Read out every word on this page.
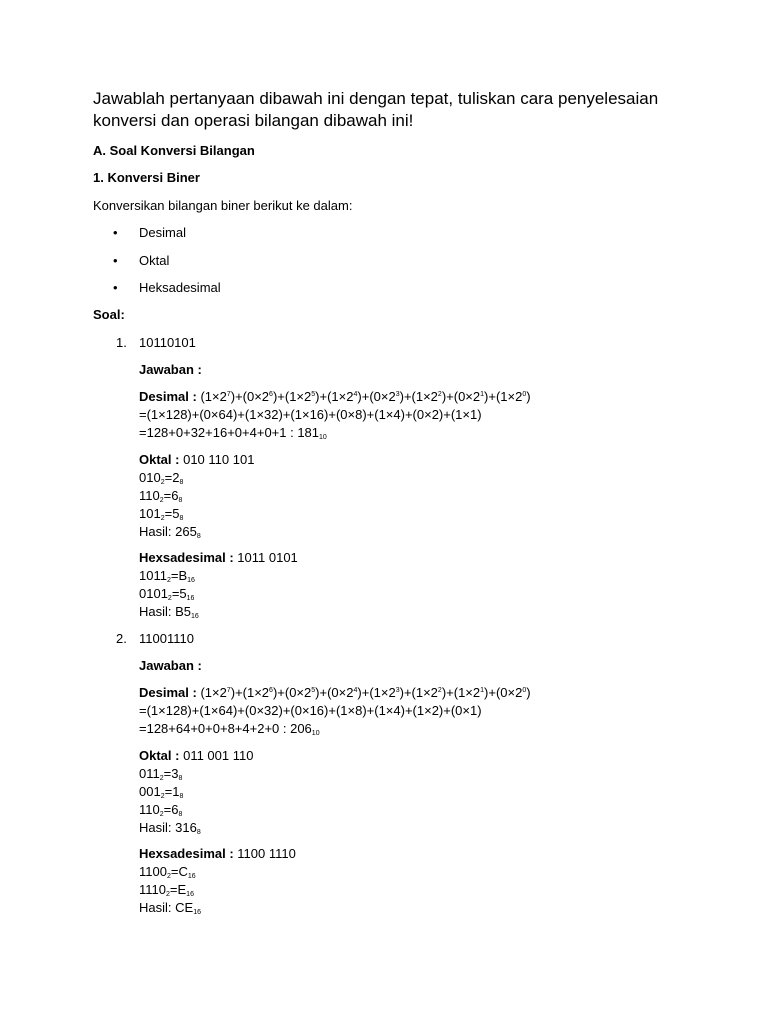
Jawablah pertanyaan dibawah ini dengan tepat, tuliskan cara penyelesaian konversi dan operasi bilangan dibawah ini!
A. Soal Konversi Bilangan
1. Konversi Biner
Konversikan bilangan biner berikut ke dalam:
• Desimal
• Oktal
• Heksadesimal
Soal:
1. 10110101
Jawaban :
Desimal : $(1\times 2^7)+(0\times 2^6)+(1\times 2^5)+(1\times 2^4)+(0\times 2^3)+(1\times 2^2)+(0\times 2^1)+(1\times 2^0)$
=(1×128)+(0×64)+(1×32)+(1×16)+(0×8)+(1×4)+(0×2)+(1×1)
=128+0+32+16+0+4+0+1 : $181_{10}$
Oktal : 010 110 101
$010_2=2_8$
$110_2=6_8$
$101_2=5_8$
Hasil: $265_8$
Hexsadesimal : 1011 0101
$1011_2=B_{16}$
$0101_2=5_{16}$
Hasil: $B5_{16}$
2. 11001110
Jawaban :
Desimal : $(1\times 2^7)+(1\times 2^6)+(0\times 2^5)+(0\times 2^4)+(1\times 2^3)+(1\times 2^2)+(1\times 2^1)+(0\times 2^0)$
=(1×128)+(1×64)+(0×32)+(0×16)+(1×8)+(1×4)+(1×2)+(0×1)
=128+64+0+0+8+4+2+0 : $206_{10}$
Oktal : 011 001 110
$011_2=3_8$
$001_2=1_8$
$110_2=6_8$
Hasil: $316_8$
Hexsadesimal : 1100 1110
$1100_2=C_{16}$
$1110_2=E_{16}$
Hasil: $CE_{16}$
